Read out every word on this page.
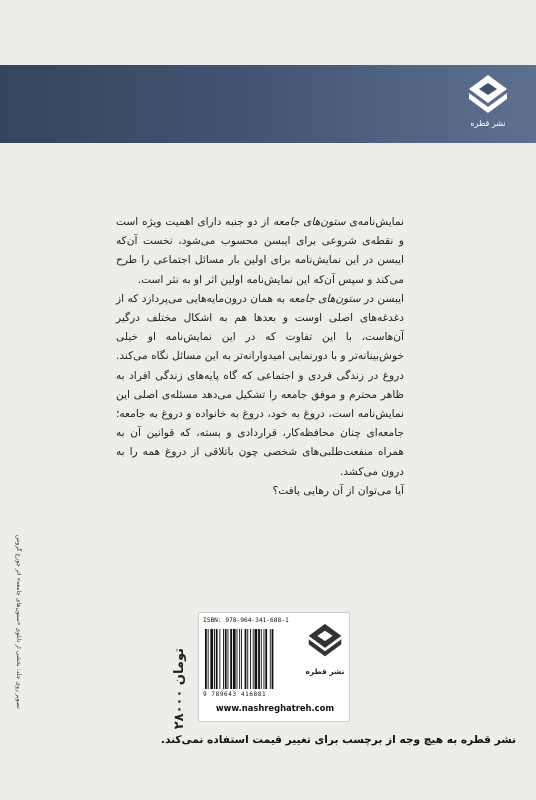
نشر قطره

نمایش‌نامه‌ی ستون‌های جامعه از دو جنبه دارای اهمیت ویژه است و نقطه‌ی شروعی برای ایبسن محسوب می‌شود، نخست آن‌که ایبسن در این نمایش‌نامه برای اولین بار مسائل اجتماعی را طرح می‌کند و سپس آن‌که این نمایش‌نامه اولین اثر او به نثر است.

ایبسن در ستون‌های جامعه به همان درون‌مایه‌هایی می‌پردازد که از دغدغه‌های اصلی اوست و بعدها هم به اشکال مختلف درگیر آن‌هاست، با این تفاوت که در این نمایش‌نامه او خیلی خوش‌بینانه‌تر و با دورنمایی امیدوارانه‌تر به این مسائل نگاه می‌کند. دروغ در زندگی فردی و اجتماعی که گاه پایه‌های زندگی افراد به ظاهر محترم و موفق جامعه را تشکیل می‌دهد مسئله‌ی اصلی این نمایش‌نامه است، دروغ به خود، دروغ به خانواده و دروغ به جامعه؛ جامعه‌ای چنان محافظه‌کار، قراردادی و بسته، که قوانین آن به همراه منفعت‌طلبی‌های شخصی چون باتلاقی از دروغ همه را به درون می‌کشد.

آیا می‌توان از آن رهایی یافت؟

تصویر روی جلد: بخشی از تابلوی «ستون‌های جامعه» اثر جورج گروس	۲۸۰۰۰ تومان
ISBN: 978-964-341-688-1
9 789643 416881
نشر قطره
www.nashreghatreh.com
نشر قطره به هیچ وجه از برچسب برای تغییر قیمت استفاده نمی‌کند.
